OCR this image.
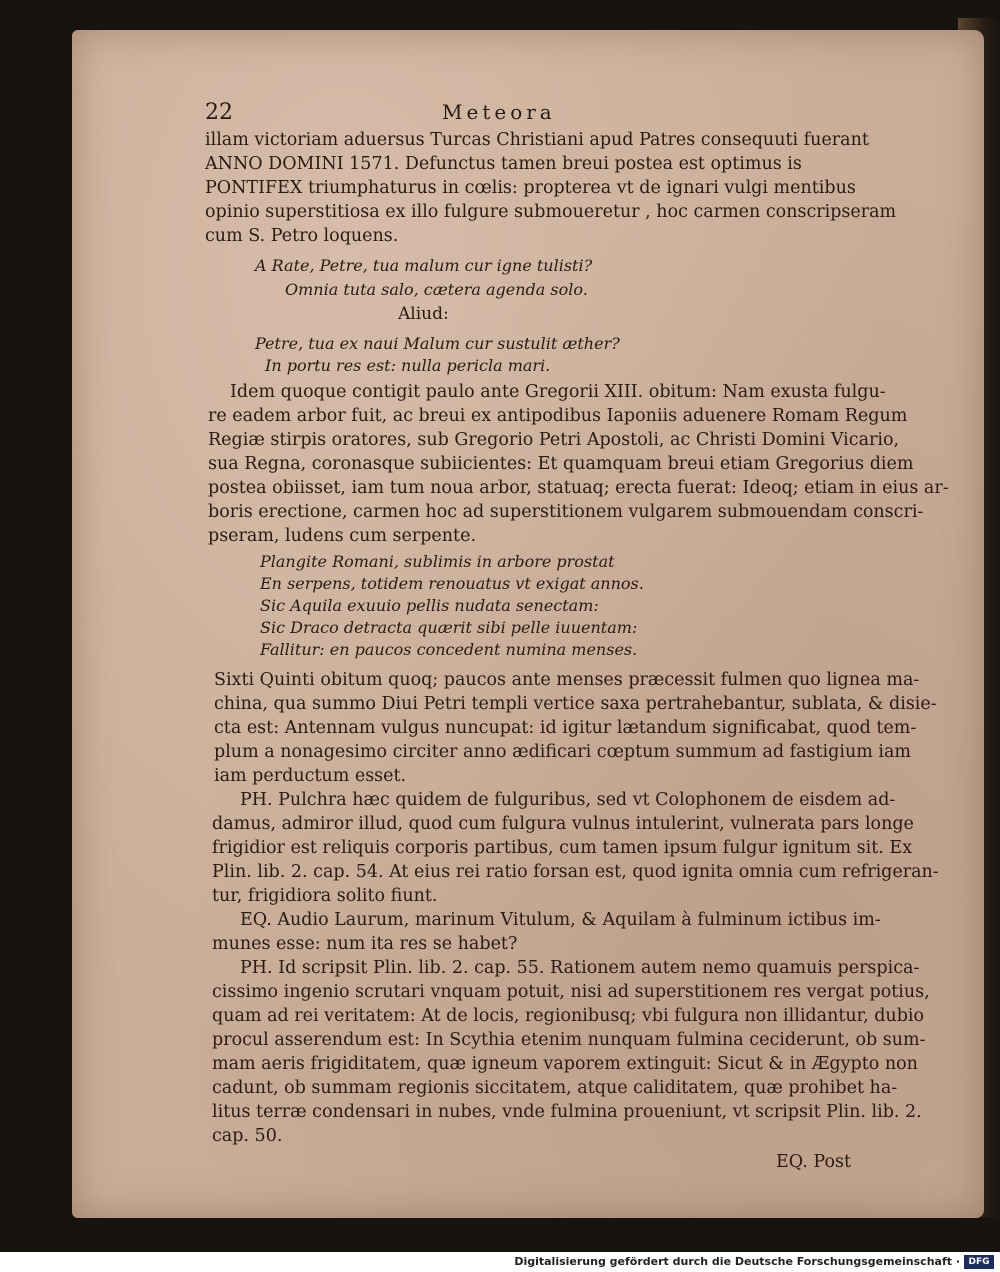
22	Meteora
illam victoriam aduersus Turcas Christiani apud Patres consequuti fuerant
ANNO DOMINI 1571. Defunctus tamen breui postea est optimus is
PONTIFEX triumphaturus in cœlis: propterea vt de ignari vulgi mentibus
opinio superstitiosa ex illo fulgure submoueretur , hoc carmen conscripseram
cum S. Petro loquens.
A Rate, Petre, tua malum cur igne tulisti?
Omnia tuta salo, cætera agenda solo.
Aliud:
Petre, tua ex naui Malum cur sustulit æther?
In portu res est: nulla pericla mari.
Idem quoque contigit paulo ante Gregorii XIII. obitum: Nam exusta fulgu-
re eadem arbor fuit, ac breui ex antipodibus Iaponiis aduenere Romam Regum
Regiæ stirpis oratores, sub Gregorio Petri Apostoli, ac Christi Domini Vicario,
sua Regna, coronasque subiicientes: Et quamquam breui etiam Gregorius diem
postea obiisset, iam tum noua arbor, statuaq; erecta fuerat: Ideoq; etiam in eius ar-
boris erectione, carmen hoc ad superstitionem vulgarem submouendam conscri-
pseram, ludens cum serpente.
Plangite Romani, sublimis in arbore prostat
En serpens, totidem renouatus vt exigat annos.
Sic Aquila exuuio pellis nudata senectam:
Sic Draco detracta quærit sibi pelle iuuentam:
Fallitur: en paucos concedent numina menses.
Sixti Quinti obitum quoq; paucos ante menses præcessit fulmen quo lignea ma-
china, qua summo Diui Petri templi vertice saxa pertrahebantur, sublata, & disie-
cta est: Antennam vulgus nuncupat: id igitur lætandum significabat, quod tem-
plum a nonagesimo circiter anno ædificari cœptum summum ad fastigium iam
iam perductum esset.
PH. Pulchra hæc quidem de fulguribus, sed vt Colophonem de eisdem ad-
damus, admiror illud, quod cum fulgura vulnus intulerint, vulnerata pars longe
frigidior est reliquis corporis partibus, cum tamen ipsum fulgur ignitum sit. Ex
Plin. lib. 2. cap. 54. At eius rei ratio forsan est, quod ignita omnia cum refrigeran-
tur, frigidiora solito fiunt.
EQ. Audio Laurum, marinum Vitulum, & Aquilam à fulminum ictibus im-
munes esse: num ita res se habet?
PH. Id scripsit Plin. lib. 2. cap. 55. Rationem autem nemo quamuis perspica-
cissimo ingenio scrutari vnquam potuit, nisi ad superstitionem res vergat potius,
quam ad rei veritatem: At de locis, regionibusq; vbi fulgura non illidantur, dubio
procul asserendum est: In Scythia etenim nunquam fulmina ceciderunt, ob sum-
mam aeris frigiditatem, quæ igneum vaporem extinguit: Sicut & in Ægypto non
cadunt, ob summam regionis siccitatem, atque caliditatem, quæ prohibet ha-
litus terræ condensari in nubes, vnde fulmina proueniunt, vt scripsit Plin. lib. 2.
cap. 50.
EQ. Post
Digitalisierung gefördert durch die Deutsche Forschungsgemeinschaft · DFG
